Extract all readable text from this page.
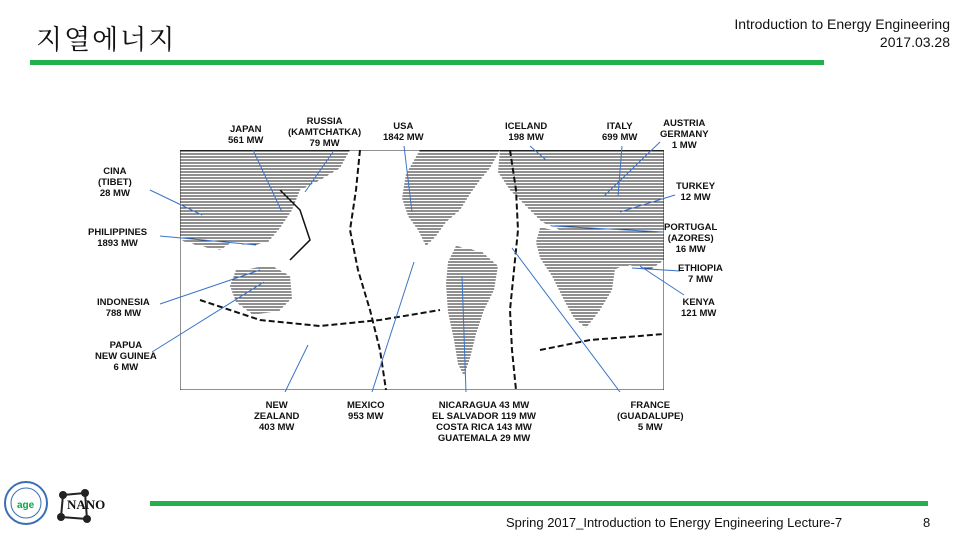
지열에너지
Introduction to Energy Engineering
2017.03.28
JAPAN
561 MW
RUSSIA
(KAMTCHATKA)
79 MW
USA
1842 MW
ICELAND
198 MW
ITALY
699 MW
AUSTRIA
GERMANY
1 MW
CINA
(TIBET)
28 MW
TURKEY
12 MW
PHILIPPINES
1893 MW
PORTUGAL
(AZORES)
16 MW
ETHIOPIA
7 MW
INDONESIA
788 MW
KENYA
121 MW
PAPUA
NEW GUINEA
6 MW
NEW
ZEALAND
403 MW
MEXICO
953 MW
NICARAGUA 43 MW
EL SALVADOR 119 MW
COSTA RICA 143 MW
GUATEMALA 29 MW
FRANCE
(GUADALUPE)
5 MW
age	NANO
Spring 2017_Introduction to Energy Engineering Lecture-7	8
